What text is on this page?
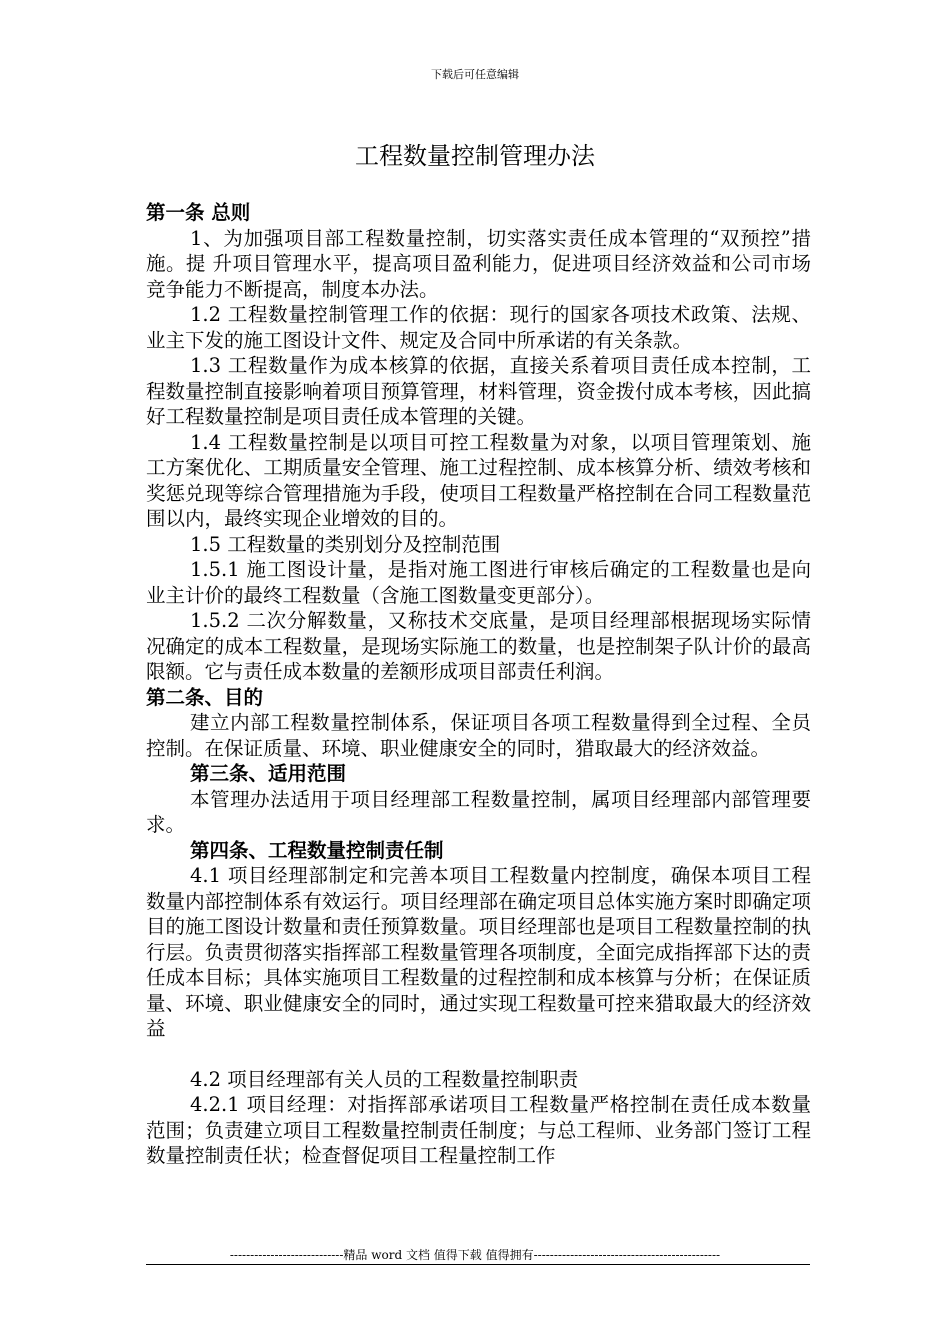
下载后可任意编辑
工程数量控制管理办法

第一条 总则

1、为加强项目部工程数量控制，切实落实责任成本管理的“双预控”措施。提 升项目管理水平，提高项目盈利能力，促进项目经济效益和公司市场竞争能力不断提高，制度本办法。

1.2 工程数量控制管理工作的依据：现行的国家各项技术政策、法规、业主下发的施工图设计文件、规定及合同中所承诺的有关条款。

1.3 工程数量作为成本核算的依据，直接关系着项目责任成本控制，工程数量控制直接影响着项目预算管理，材料管理，资金拨付成本考核，因此搞好工程数量控制是项目责任成本管理的关键。

1.4 工程数量控制是以项目可控工程数量为对象，以项目管理策划、施工方案优化、工期质量安全管理、施工过程控制、成本核算分析、绩效考核和奖惩兑现等综合管理措施为手段，使项目工程数量严格控制在合同工程数量范围以内，最终实现企业增效的目的。

1.5 工程数量的类别划分及控制范围

1.5.1 施工图设计量，是指对施工图进行审核后确定的工程数量也是向业主计价的最终工程数量（含施工图数量变更部分）。

1.5.2 二次分解数量，又称技术交底量，是项目经理部根据现场实际情况确定的成本工程数量，是现场实际施工的数量，也是控制架子队计价的最高限额。它与责任成本数量的差额形成项目部责任利润。

第二条、目的

建立内部工程数量控制体系，保证项目各项工程数量得到全过程、全员控制。在保证质量、环境、职业健康安全的同时，猎取最大的经济效益。

第三条、适用范围

本管理办法适用于项目经理部工程数量控制，属项目经理部内部管理要求。

第四条、工程数量控制责任制

4.1 项目经理部制定和完善本项目工程数量内控制度，确保本项目工程数量内部控制体系有效运行。项目经理部在确定项目总体实施方案时即确定项目的施工图设计数量和责任预算数量。项目经理部也是项目工程数量控制的执行层。负责贯彻落实指挥部工程数量管理各项制度，全面完成指挥部下达的责任成本目标；具体实施项目工程数量的过程控制和成本核算与分析；在保证质量、环境、职业健康安全的同时，通过实现工程数量可控来猎取最大的经济效益

4.2 项目经理部有关人员的工程数量控制职责

4.2.1 项目经理：对指挥部承诺项目工程数量严格控制在责任成本数量范围；负责建立项目工程数量控制责任制度；与总工程师、业务部门签订工程数量控制责任状；检查督促项目工程量控制工作

----------------------------精品 word 文档 值得下载 值得拥有----------------------------------------------
